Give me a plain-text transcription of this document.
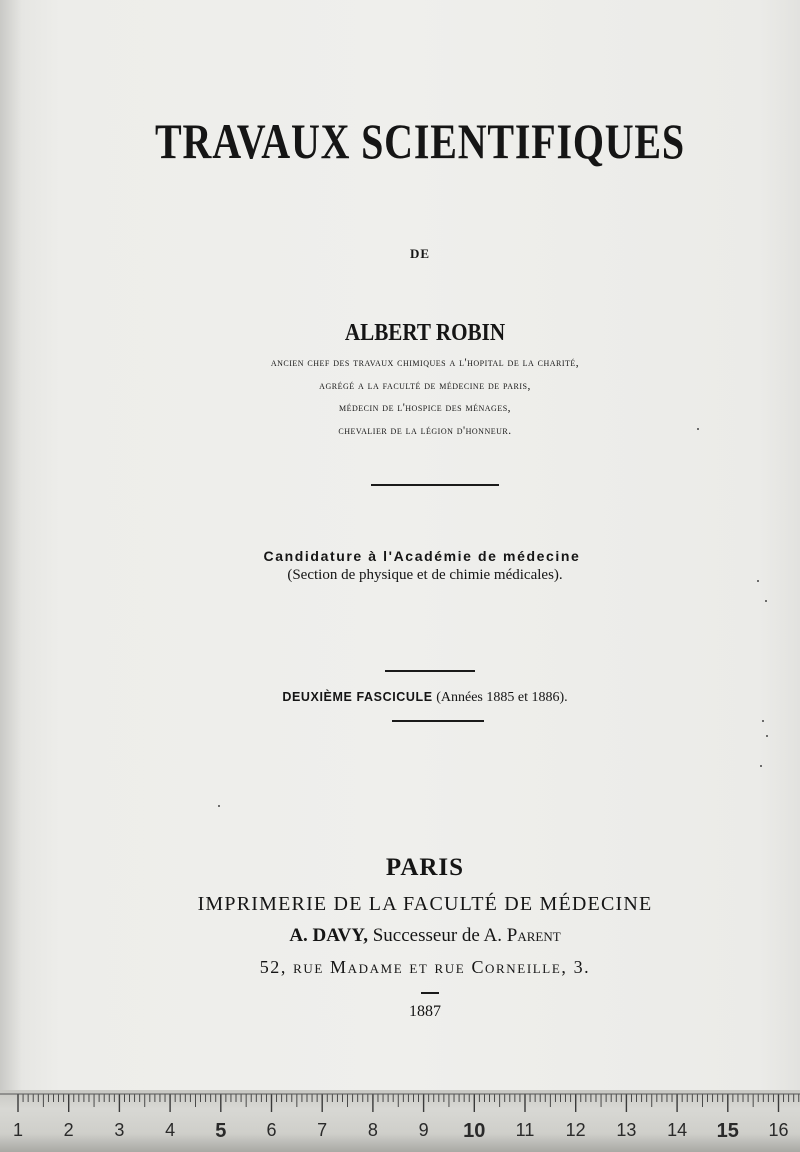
TRAVAUX SCIENTIFIQUES
DE
ALBERT ROBIN
ancien chef des travaux chimiques a l'hopital de la charité,
agrégé a la faculté de médecine de paris,
médecin de l'hospice des ménages,
chevalier de la légion d'honneur.
Candidature à l'Académie de médecine
(Section de physique et de chimie médicales).
DEUXIÈME FASCICULE (Années 1885 et 1886).
PARIS
IMPRIMERIE DE LA FACULTÉ DE MÉDECINE
A. DAVY, Successeur de A. Parent
52, rue Madame et rue Corneille, 3.
1887
1 2 3 4 5 6 7 8 9 10 11 12 13 14 15 16
